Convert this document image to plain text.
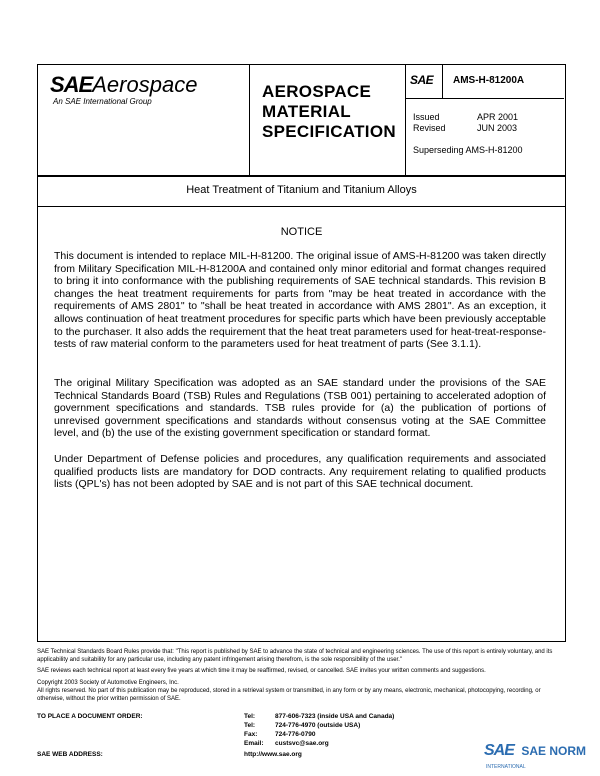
SAEAerospace
An SAE International Group
AEROSPACE
MATERIAL
SPECIFICATION
SAE AMS-H-81200A
Issued	APR 2001
Revised	JUN 2003
Superseding AMS-H-81200
Heat Treatment of Titanium and Titanium Alloys
NOTICE
This document is intended to replace MIL-H-81200. The original issue of AMS-H-81200 was taken directly from Military Specification MIL-H-81200A and contained only minor editorial and format changes required to bring it into conformance with the publishing requirements of SAE technical standards. This revision B changes the heat treatment requirements for parts from "may be heat treated in accordance with the requirements of AMS 2801" to "shall be heat treated in accordance with AMS 2801". As an exception, it allows continuation of heat treatment procedures for specific parts which have been previously acceptable to the purchaser. It also adds the requirement that the heat treat parameters used for heat-treat-response-tests of raw material conform to the parameters used for heat treatment of parts (See 3.1.1).
The original Military Specification was adopted as an SAE standard under the provisions of the SAE Technical Standards Board (TSB) Rules and Regulations (TSB 001) pertaining to accelerated adoption of government specifications and standards. TSB rules provide for (a) the publication of portions of unrevised government specifications and standards without consensus voting at the SAE Committee level, and (b) the use of the existing government specification or standard format.
Under Department of Defense policies and procedures, any qualification requirements and associated qualified products lists are mandatory for DOD contracts. Any requirement relating to qualified products lists (QPL's) has not been adopted by SAE and is not part of this SAE technical document.
SAE Technical Standards Board Rules provide that: "This report is published by SAE to advance the state of technical and engineering sciences. The use of this report is entirely voluntary, and its applicability and suitability for any particular use, including any patent infringement arising therefrom, is the sole responsibility of the user."
SAE reviews each technical report at least every five years at which time it may be reaffirmed, revised, or cancelled. SAE invites your written comments and suggestions.
Copyright 2003 Society of Automotive Engineers, Inc.
All rights reserved. No part of this publication may be reproduced, stored in a retrieval system or transmitted, in any form or by any means, electronic, mechanical, photocopying, recording, or otherwise, without the prior written permission of SAE.
TO PLACE A DOCUMENT ORDER:	Tel:	877-606-7323 (inside USA and Canada)
Tel:	724-776-4970 (outside USA)
Fax:	724-776-0790
Email: custsvc@sae.org
SAE WEB ADDRESS:	http://www.sae.org	SAE SAE NORM
INTERNATIONAL
